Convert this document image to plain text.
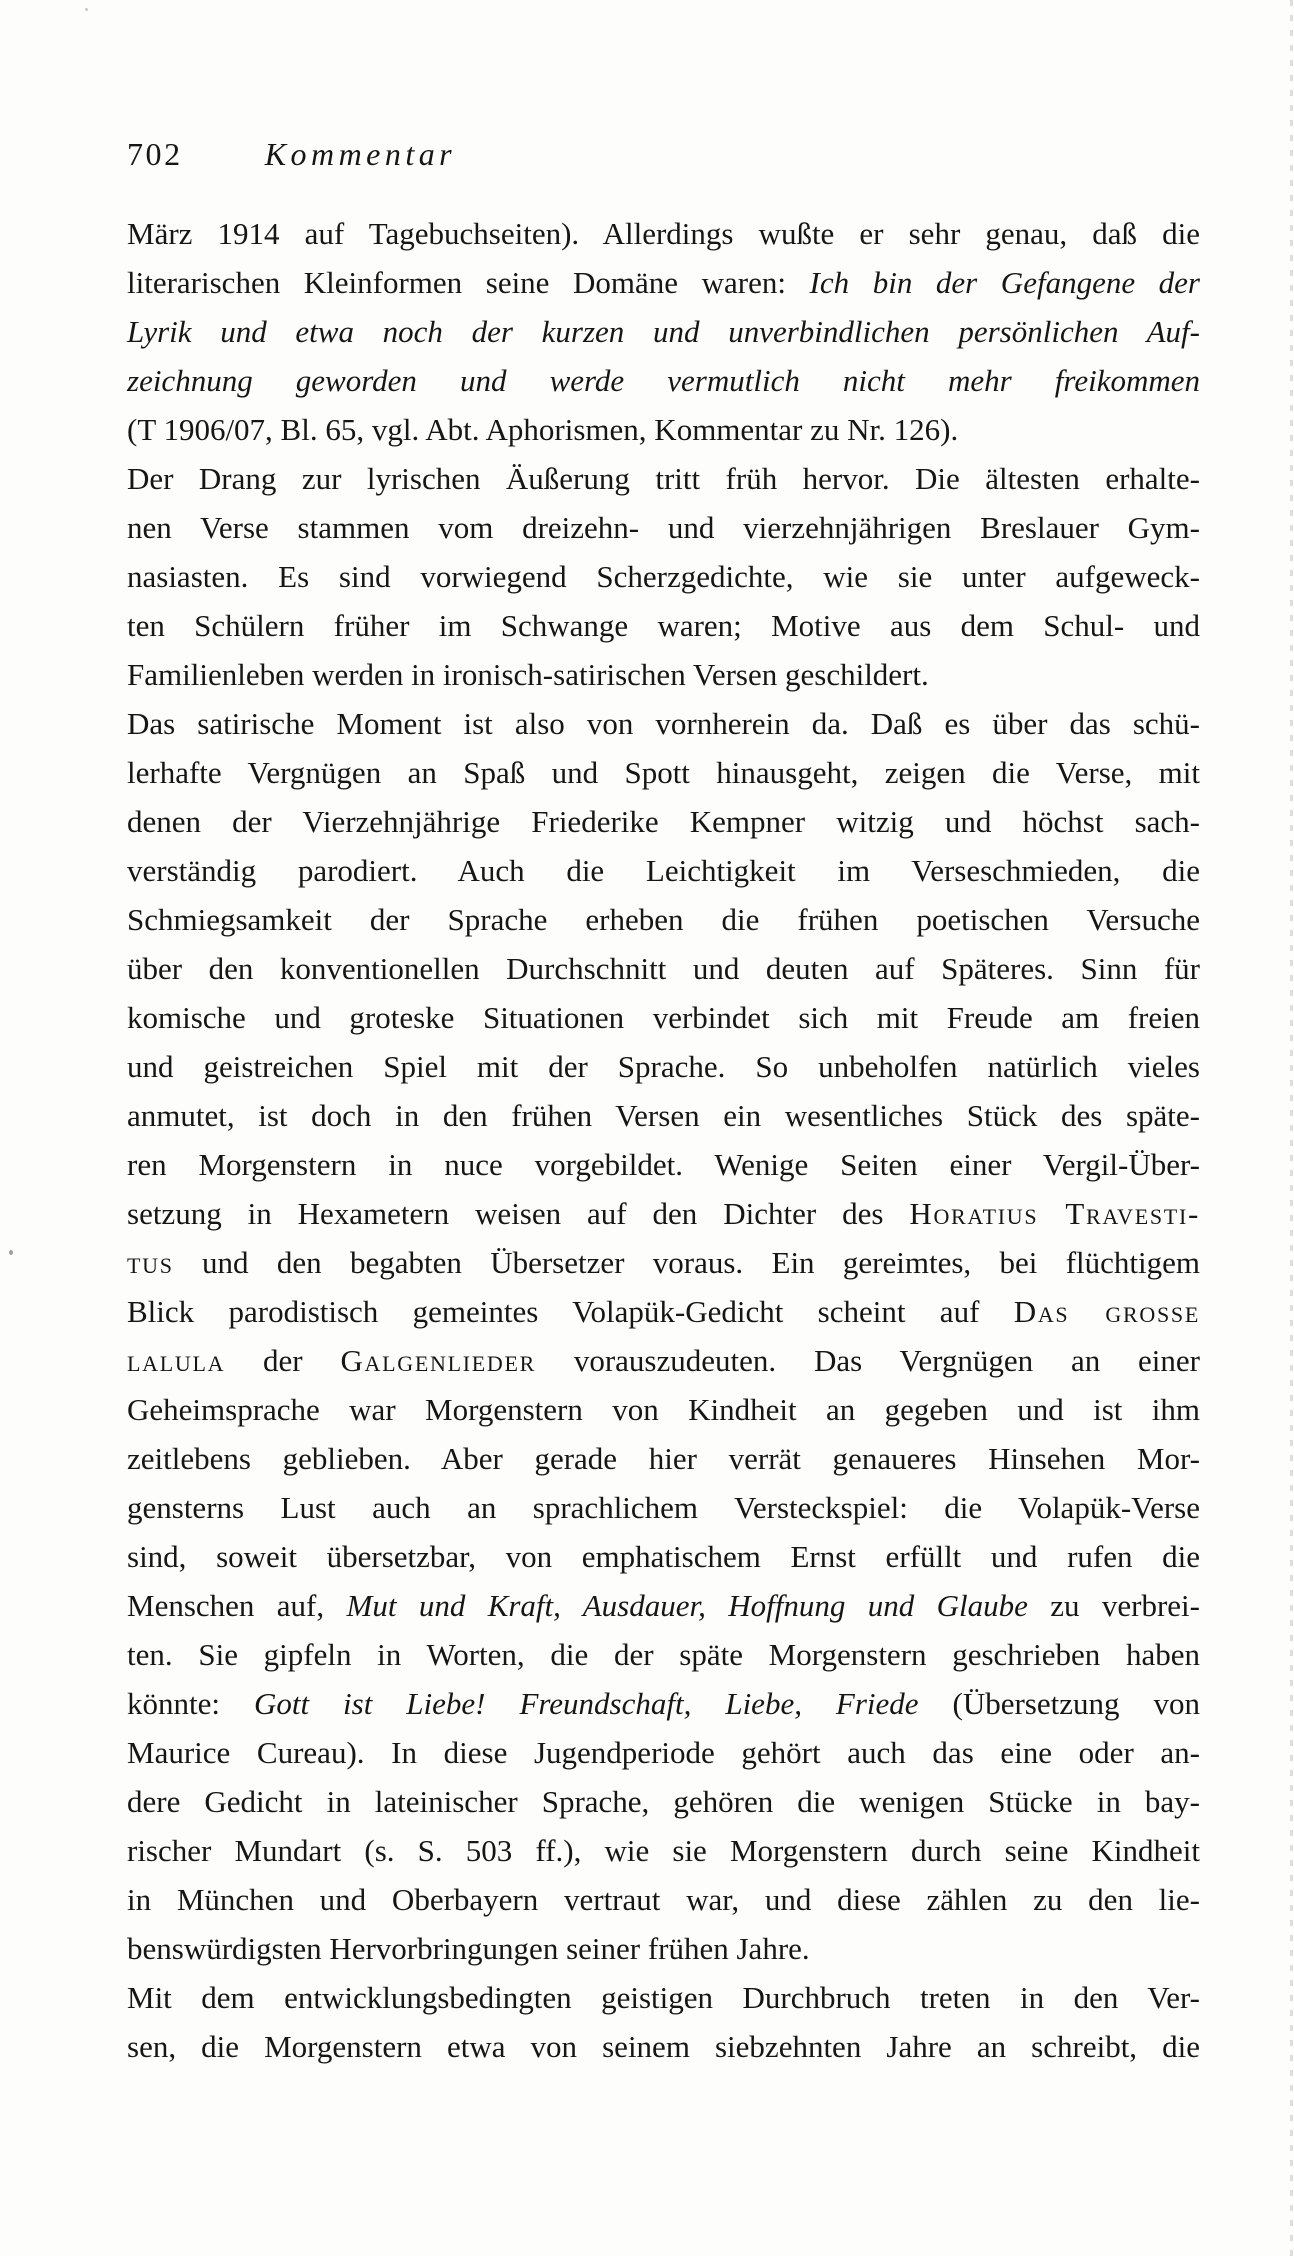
702	Kommentar
März 1914 auf Tagebuchseiten). Allerdings wußte er sehr genau, daß die
literarischen Kleinformen seine Domäne waren: Ich bin der Gefangene der
Lyrik und etwa noch der kurzen und unverbindlichen persönlichen Auf-
zeichnung geworden und werde vermutlich nicht mehr freikommen
(T 1906/07, Bl. 65, vgl. Abt. Aphorismen, Kommentar zu Nr. 126).
Der Drang zur lyrischen Äußerung tritt früh hervor. Die ältesten erhalte-
nen Verse stammen vom dreizehn- und vierzehnjährigen Breslauer Gym-
nasiasten. Es sind vorwiegend Scherzgedichte, wie sie unter aufgeweck-
ten Schülern früher im Schwange waren; Motive aus dem Schul- und
Familienleben werden in ironisch-satirischen Versen geschildert.
Das satirische Moment ist also von vornherein da. Daß es über das schü-
lerhafte Vergnügen an Spaß und Spott hinausgeht, zeigen die Verse, mit
denen der Vierzehnjährige Friederike Kempner witzig und höchst sach-
verständig parodiert. Auch die Leichtigkeit im Verseschmieden, die
Schmiegsamkeit der Sprache erheben die frühen poetischen Versuche
über den konventionellen Durchschnitt und deuten auf Späteres. Sinn für
komische und groteske Situationen verbindet sich mit Freude am freien
und geistreichen Spiel mit der Sprache. So unbeholfen natürlich vieles
anmutet, ist doch in den frühen Versen ein wesentliches Stück des späte-
ren Morgenstern in nuce vorgebildet. Wenige Seiten einer Vergil-Über-
setzung in Hexametern weisen auf den Dichter des Horatius Travesti-
tus und den begabten Übersetzer voraus. Ein gereimtes, bei flüchtigem
Blick parodistisch gemeintes Volapük-Gedicht scheint auf Das grosse
lalula der Galgenlieder vorauszudeuten. Das Vergnügen an einer
Geheimsprache war Morgenstern von Kindheit an gegeben und ist ihm
zeitlebens geblieben. Aber gerade hier verrät genaueres Hinsehen Mor-
gensterns Lust auch an sprachlichem Versteckspiel: die Volapük-Verse
sind, soweit übersetzbar, von emphatischem Ernst erfüllt und rufen die
Menschen auf, Mut und Kraft, Ausdauer, Hoffnung und Glaube zu verbrei-
ten. Sie gipfeln in Worten, die der späte Morgenstern geschrieben haben
könnte: Gott ist Liebe! Freundschaft, Liebe, Friede (Übersetzung von
Maurice Cureau). In diese Jugendperiode gehört auch das eine oder an-
dere Gedicht in lateinischer Sprache, gehören die wenigen Stücke in bay-
rischer Mundart (s. S. 503 ff.), wie sie Morgenstern durch seine Kindheit
in München und Oberbayern vertraut war, und diese zählen zu den lie-
benswürdigsten Hervorbringungen seiner frühen Jahre.
Mit dem entwicklungsbedingten geistigen Durchbruch treten in den Ver-
sen, die Morgenstern etwa von seinem siebzehnten Jahre an schreibt, die
